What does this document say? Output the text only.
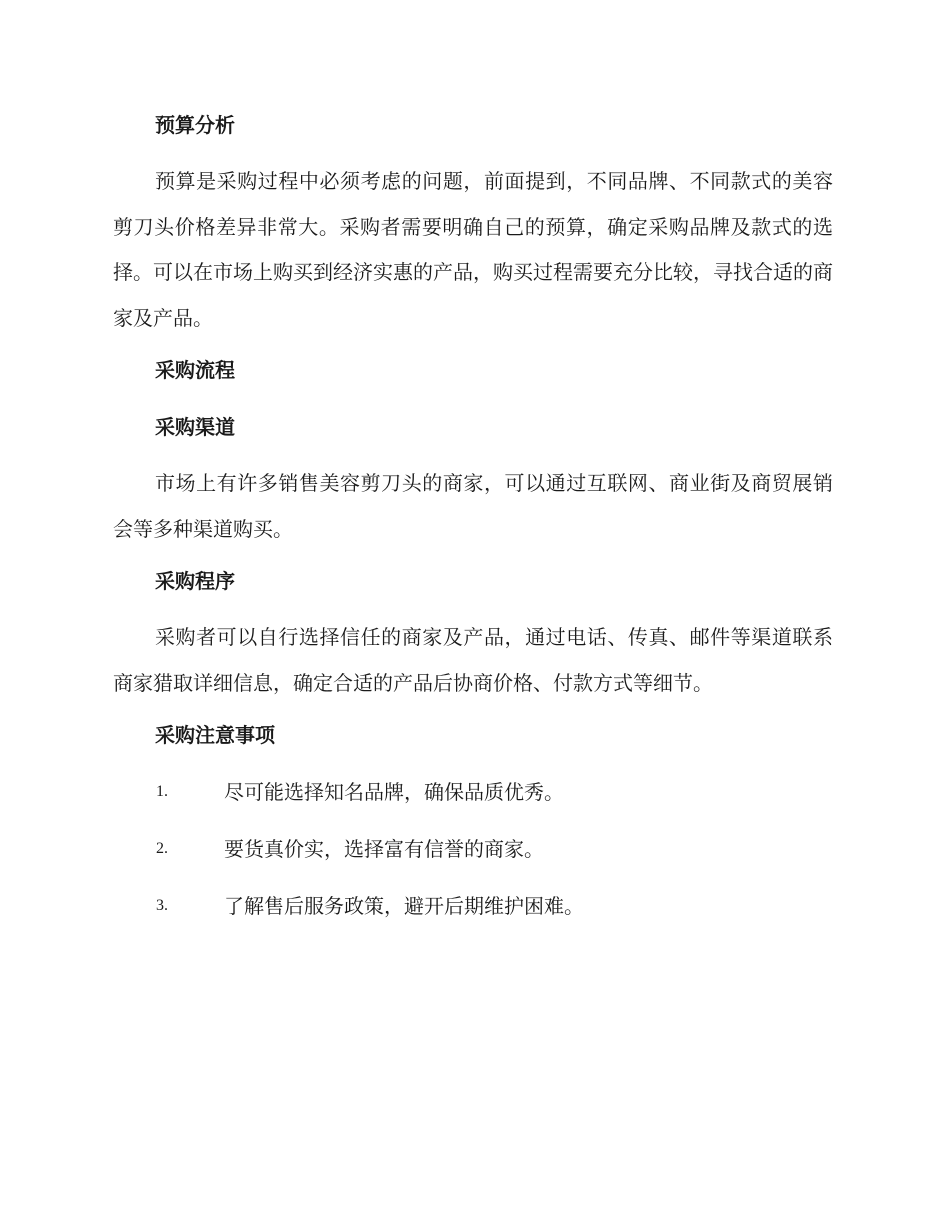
预算分析

预算是采购过程中必须考虑的问题，前面提到，不同品牌、不同款式的美容剪刀头价格差异非常大。采购者需要明确自己的预算，确定采购品牌及款式的选择。可以在市场上购买到经济实惠的产品，购买过程需要充分比较，寻找合适的商家及产品。

采购流程
采购渠道

市场上有许多销售美容剪刀头的商家，可以通过互联网、商业街及商贸展销会等多种渠道购买。

采购程序

采购者可以自行选择信任的商家及产品，通过电话、传真、邮件等渠道联系商家猎取详细信息，确定合适的产品后协商价格、付款方式等细节。

采购注意事项
1.	尽可能选择知名品牌，确保品质优秀。
2.	要货真价实，选择富有信誉的商家。
3.	了解售后服务政策，避开后期维护困难。
